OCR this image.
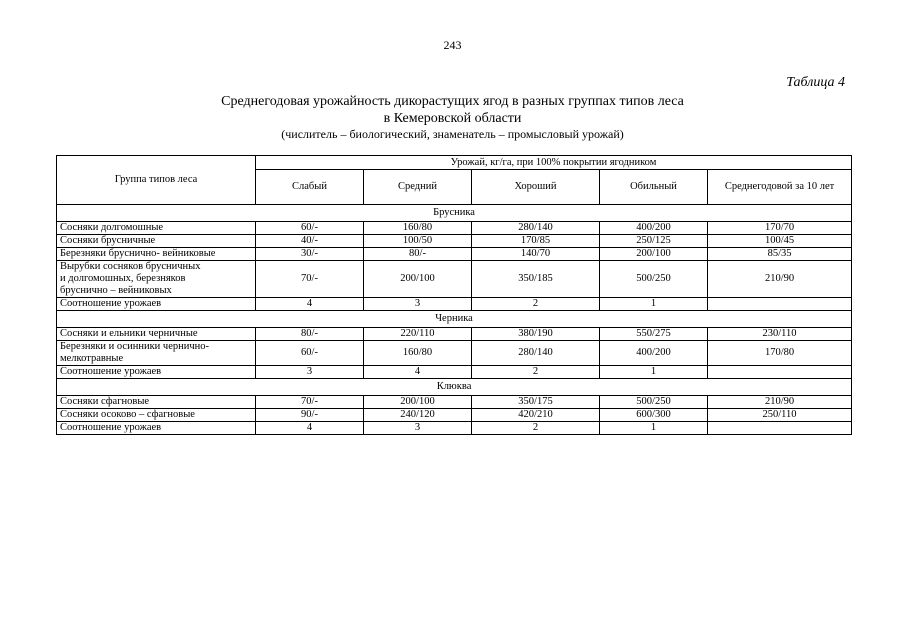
243
Таблица 4
Среднегодовая урожайность дикорастущих ягод в разных группах типов леса
в Кемеровской области
(числитель – биологический, знаменатель – промысловый урожай)
Группа типов леса	Урожай, кг/га, при 100% покрытии ягодником				
	Слабый	Средний	Хороший	Обильный	Среднегодовой за 10 лет
Брусника					
Сосняки долгомошные	60/-	160/80	280/140	400/200	170/70
Сосняки брусничные	40/-	100/50	170/85	250/125	100/45
Березняки бруснично- вейниковые	30/-	80/-	140/70	200/100	85/35
Вырубки сосняков брусничных
и долгомошных, березняков
бруснично – вейниковых	70/-	200/100	350/185	500/250	210/90
Соотношение урожаев	4	3	2	1	
Черника					
Сосняки и ельники черничные	80/-	220/110	380/190	550/275	230/110
Березняки и осинники чернично-
мелкотравные	60/-	160/80	280/140	400/200	170/80
Соотношение урожаев	3	4	2	1	
Клюква					
Сосняки сфагновые	70/-	200/100	350/175	500/250	210/90
Сосняки осоково – сфагновые	90/-	240/120	420/210	600/300	250/110
Соотношение урожаев	4	3	2	1	
